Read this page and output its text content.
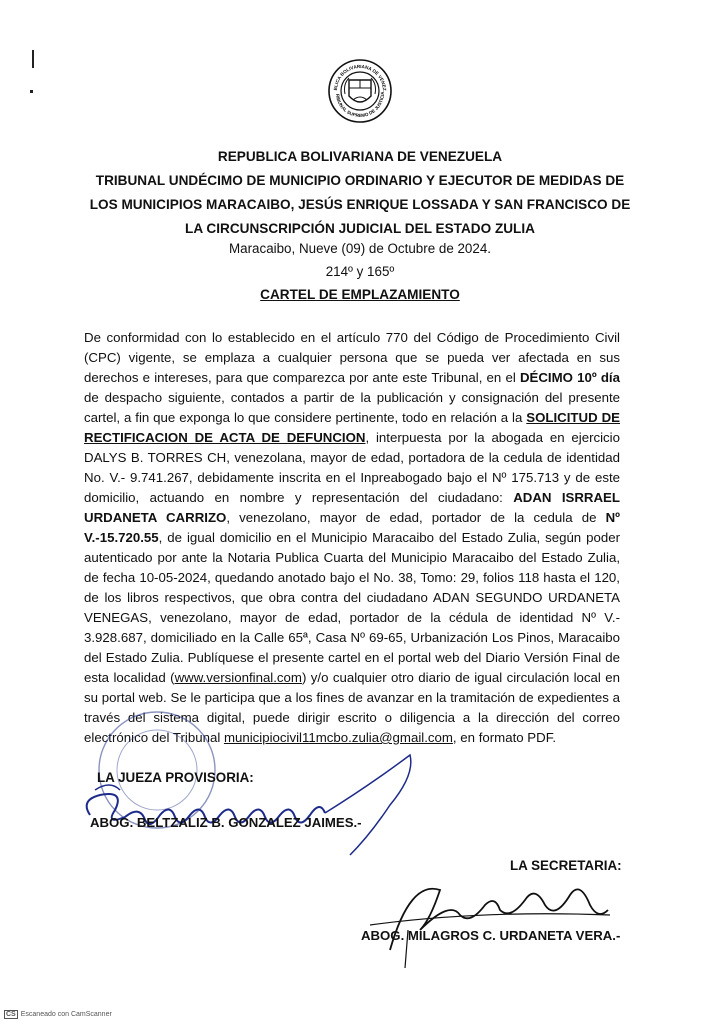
BLICA BOLIVARIANA DE VENEZ
RIBUNAL SUPREMO DE JUSTICIA
REPUBLICA BOLIVARIANA DE VENEZUELA
TRIBUNAL UNDÉCIMO DE MUNICIPIO ORDINARIO Y EJECUTOR DE MEDIDAS DE
LOS MUNICIPIOS MARACAIBO, JESÚS ENRIQUE LOSSADA Y SAN FRANCISCO DE
LA CIRCUNSCRIPCIÓN JUDICIAL DEL ESTADO ZULIA
Maracaibo, Nueve (09) de Octubre de 2024.
214º y 165º
CARTEL DE EMPLAZAMIENTO
De conformidad con lo establecido en el artículo 770 del Código de Procedimiento Civil (CPC) vigente, se emplaza a cualquier persona que se pueda ver afectada en sus derechos e intereses, para que comparezca por ante este Tribunal, en el DÉCIMO 10º día de despacho siguiente, contados a partir de la publicación y consignación del presente cartel, a fin que exponga lo que considere pertinente, todo en relación a la SOLICITUD DE RECTIFICACION DE ACTA DE DEFUNCION, interpuesta por la abogada en ejercicio DALYS B. TORRES CH, venezolana, mayor de edad, portadora de la cedula de identidad No. V.- 9.741.267, debidamente inscrita en el Inpreabogado bajo el Nº 175.713 y de este domicilio, actuando en nombre y representación del ciudadano: ADAN ISRRAEL URDANETA CARRIZO, venezolano, mayor de edad, portador de la cedula de Nº V.-15.720.55, de igual domicilio en el Municipio Maracaibo del Estado Zulia, según poder autenticado por ante la Notaria Publica Cuarta del Municipio Maracaibo del Estado Zulia, de fecha 10-05-2024, quedando anotado bajo el No. 38, Tomo: 29, folios 118 hasta el 120, de los libros respectivos, que obra contra del ciudadano ADAN SEGUNDO URDANETA VENEGAS, venezolano, mayor de edad, portador de la cédula de identidad Nº V.- 3.928.687, domiciliado en la Calle 65ª, Casa Nº 69-65, Urbanización Los Pinos, Maracaibo del Estado Zulia. Publíquese el presente cartel en el portal web del Diario Versión Final de esta localidad (www.versionfinal.com) y/o cualquier otro diario de igual circulación local en su portal web. Se le participa que a los fines de avanzar en la tramitación de expedientes a través del sistema digital, puede dirigir escrito o diligencia a la dirección del correo electrónico del Tribunal municipiocivil11mcbo.zulia@gmail.com, en formato PDF.
LA JUEZA PROVISORIA:
ABOG. BELTZALIZ B. GONZALEZ JAIMES.-
LA SECRETARIA:
ABOG. MILAGROS C. URDANETA VERA.-
CS Escaneado con CamScanner
